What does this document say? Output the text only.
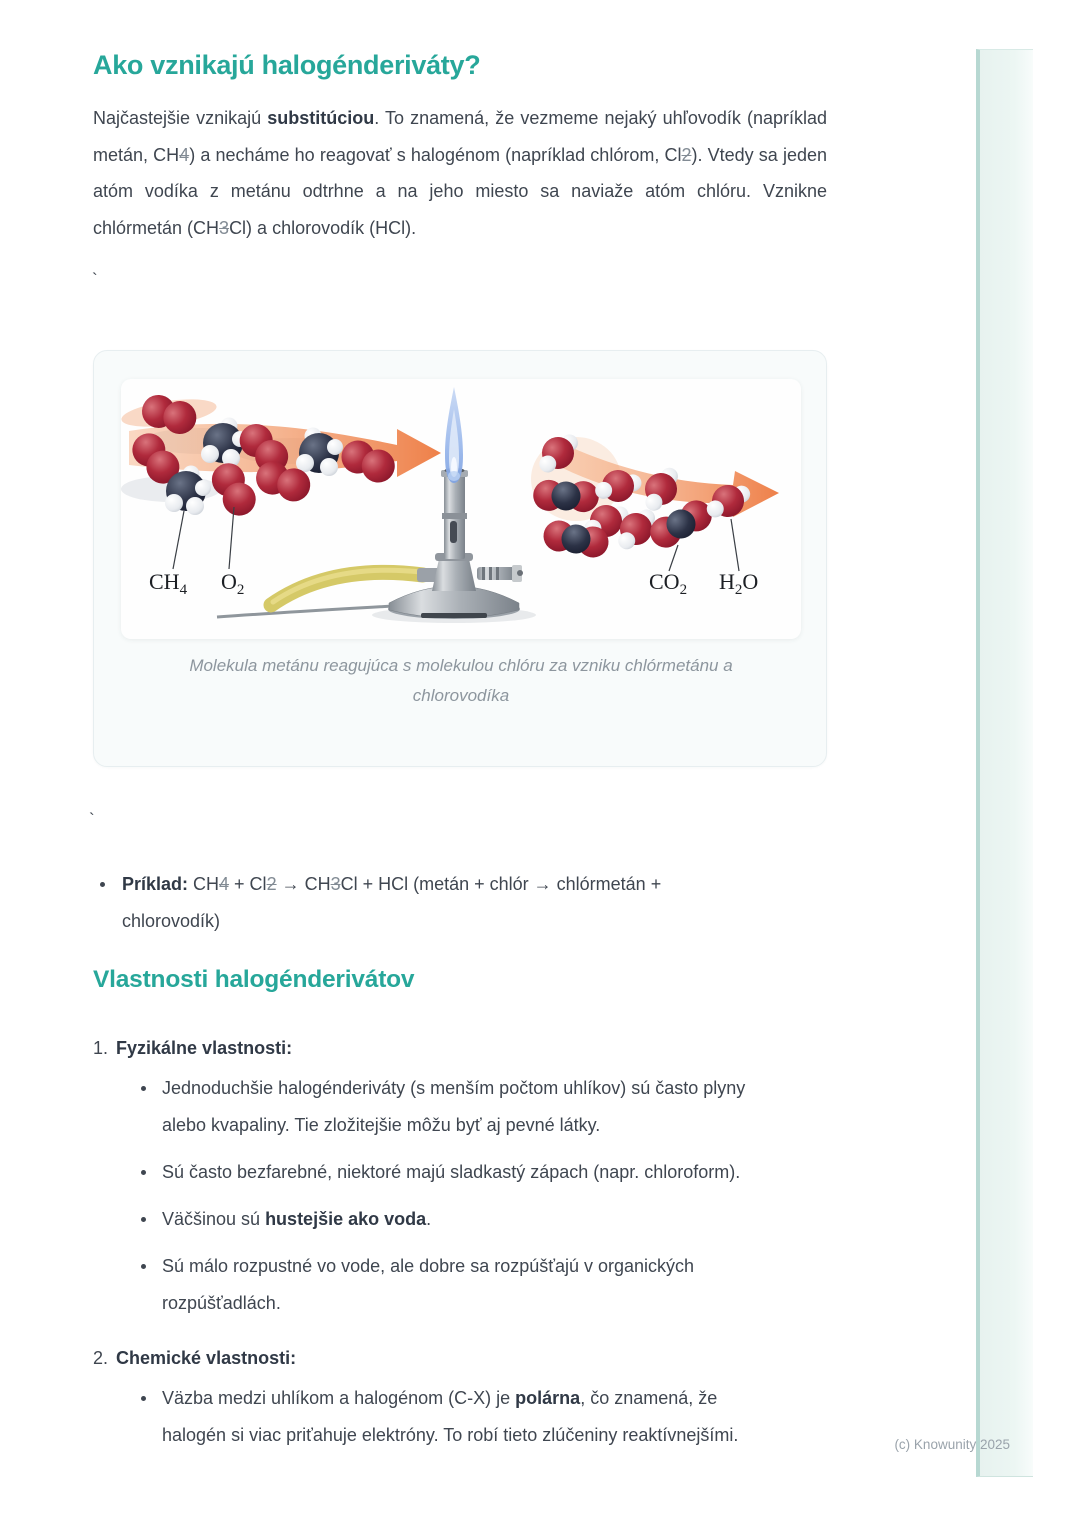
Ako vznikajú halogénderiváty?

Najčastejšie vznikajú substitúciou. To znamená, že vezmeme nejaký uhľovodík (napríklad metán, CH4) a necháme ho reagovať s halogénom (napríklad chlórom, Cl2). Vtedy sa jeden atóm vodíka z metánu odtrhne a na jeho miesto sa naviaže atóm chlóru. Vznikne chlórmetán (CH3Cl) a chlorovodík (HCl).

`
$CH_4$ $O_2$	$CO_2$ $H_2O$
Molekula metánu reagujúca s molekulou chlóru za vzniku chlórmetánu a chlorovodíka
`
Príklad: CH4 + Cl2 → CH3Cl + HCl (metán + chlór → chlórmetán + chlorovodík)
Vlastnosti halogénderivátov
1. Fyzikálne vlastnosti:
Jednoduchšie halogénderiváty (s menším počtom uhlíkov) sú často plyny alebo kvapaliny. Tie zložitejšie môžu byť aj pevné látky.
Sú často bezfarebné, niektoré majú sladkastý zápach (napr. chloroform).
Väčšinou sú hustejšie ako voda.
Sú málo rozpustné vo vode, ale dobre sa rozpúšťajú v organických rozpúšťadlách.
2. Chemické vlastnosti:
Väzba medzi uhlíkom a halogénom (C-X) je polárna, čo znamená, že halogén si viac priťahuje elektróny. To robí tieto zlúčeniny reaktívnejšími.	(c) Knowunity 2025
